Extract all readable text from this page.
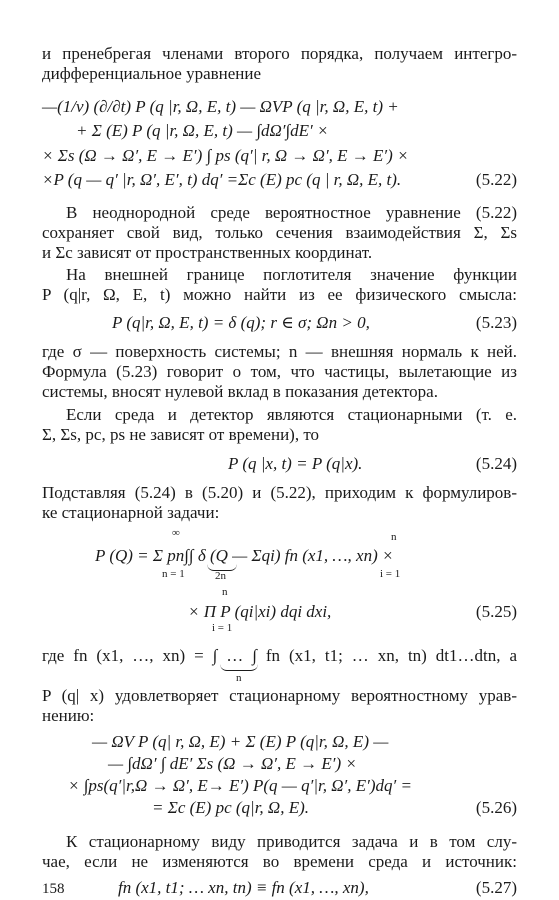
и пренебрегая членами второго порядка, получаем интегро-
дифференциальное уравнение
—(1/v) (∂/∂t) P (q |r, Ω, E, t) — ΩVP (q |r, Ω, E, t) +
+ Σ (E) P (q |r, Ω, E, t) — ∫dΩ′∫dE′ ×
× Σs (Ω → Ω′, E → E′) ∫ ps (q′| r, Ω → Ω′, E → E′) ×
×P (q — q′ |r, Ω′, E′, t) dq′ =Σc (E) pc (q | r, Ω, E, t).	(5.22)
В неоднородной среде вероятностное уравнение (5.22)
сохраняет свой вид, только сечения взаимодействия Σ, Σs
и Σc зависят от пространственных координат.
На внешней границе поглотителя значение функции
P (q|r, Ω, E, t) можно найти из ее физического смысла:
P (q|r, Ω, E, t) = δ (q); r ∈ σ; Ωn > 0,	(5.23)
где σ — поверхность системы; n — внешняя нормаль к ней.
Формула (5.23) говорит о том, что частицы, вылетающие из
системы, вносят нулевой вклад в показания детектора.
Если среда и детектор являются стационарными (т. е.
Σ, Σs, pc, ps не зависят от времени), то
P (q |x, t) = P (q|x).	(5.24)
Подставляя (5.24) в (5.20) и (5.22), приходим к формулиров-
ке стационарной задачи:
∞	n
P (Q) = Σ pn∫∫ δ (Q — Σqi) fn (x1, …, xn) ×
n = 1	2n	i = 1
n
× Π P (qi|xi) dqi dxi,	(5.25)
i = 1
где fn (x1, …, xn) = ∫ … ∫ fn (x1, t1; … xn, tn) dt1…dtn, а
n
P (q| x) удовлетворяет стационарному вероятностному урав-
нению:
— ΩV P (q| r, Ω, E) + Σ (E) P (q|r, Ω, E) —
— ∫dΩ′ ∫ dE′ Σs (Ω → Ω′, E → E′) ×
× ∫ps(q′|r,Ω → Ω′, E→ E′) P(q — q′|r, Ω′, E′)dq′ =
= Σc (E) pc (q|r, Ω, E).	(5.26)
К стационарному виду приводится задача и в том слу-
чае, если не изменяются во времени среда и источник:
fn (x1, t1; … xn, tn) ≡ fn (x1, …, xn),	(5.27)
158
